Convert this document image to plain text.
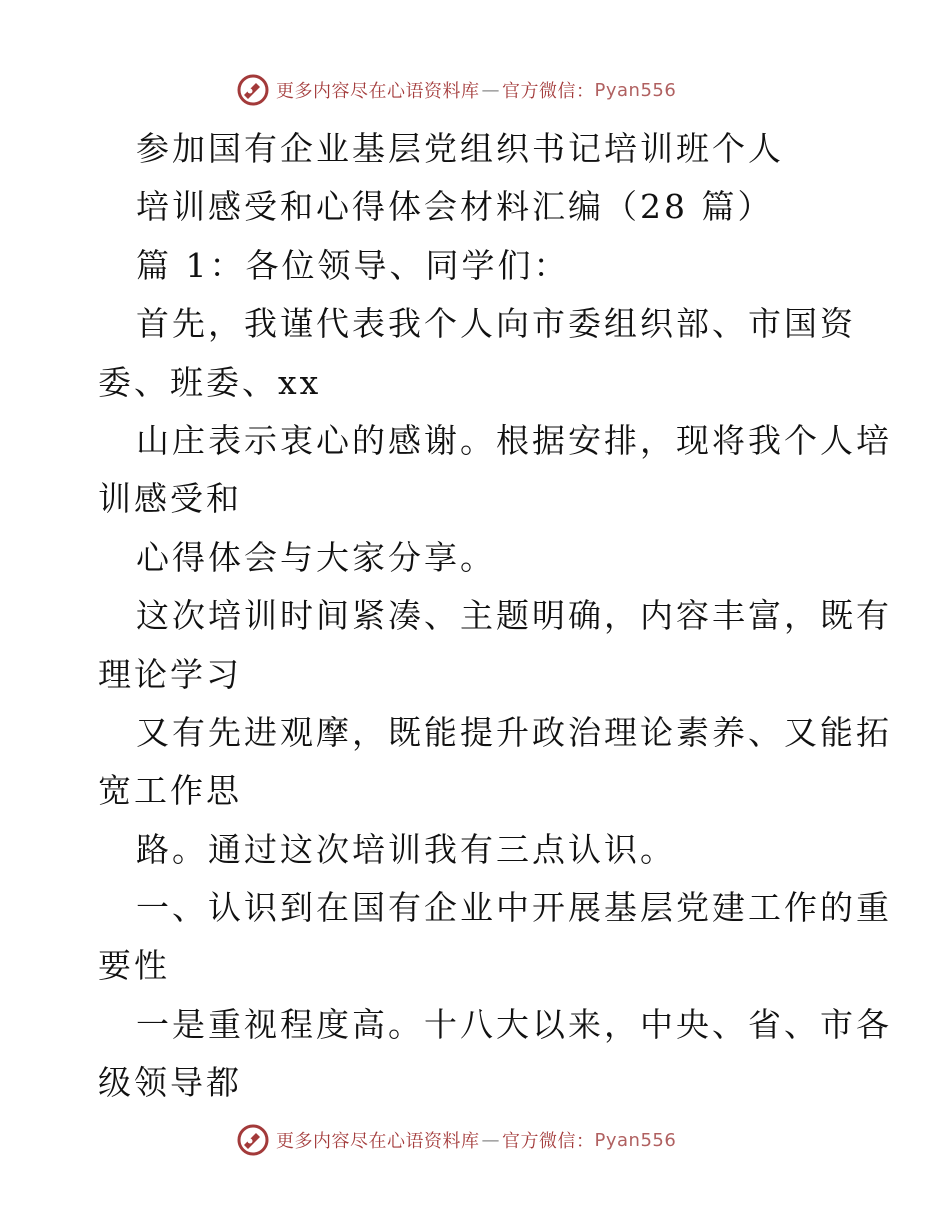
更多内容尽在心语资料库 — 官方微信： Pyan556
参加国有企业基层党组织书记培训班个人
培训感受和心得体会材料汇编（28 篇）
篇 1：各位领导、同学们：
首先，我谨代表我个人向市委组织部、市国资
委、班委、xx
山庄表示衷心的感谢。根据安排，现将我个人培
训感受和
心得体会与大家分享。
这次培训时间紧凑、主题明确，内容丰富，既有
理论学习
又有先进观摩，既能提升政治理论素养、又能拓
宽工作思
路。通过这次培训我有三点认识。
一、认识到在国有企业中开展基层党建工作的重
要性
一是重视程度高。十八大以来，中央、省、市各
级领导都
更多内容尽在心语资料库 — 官方微信： Pyan556
